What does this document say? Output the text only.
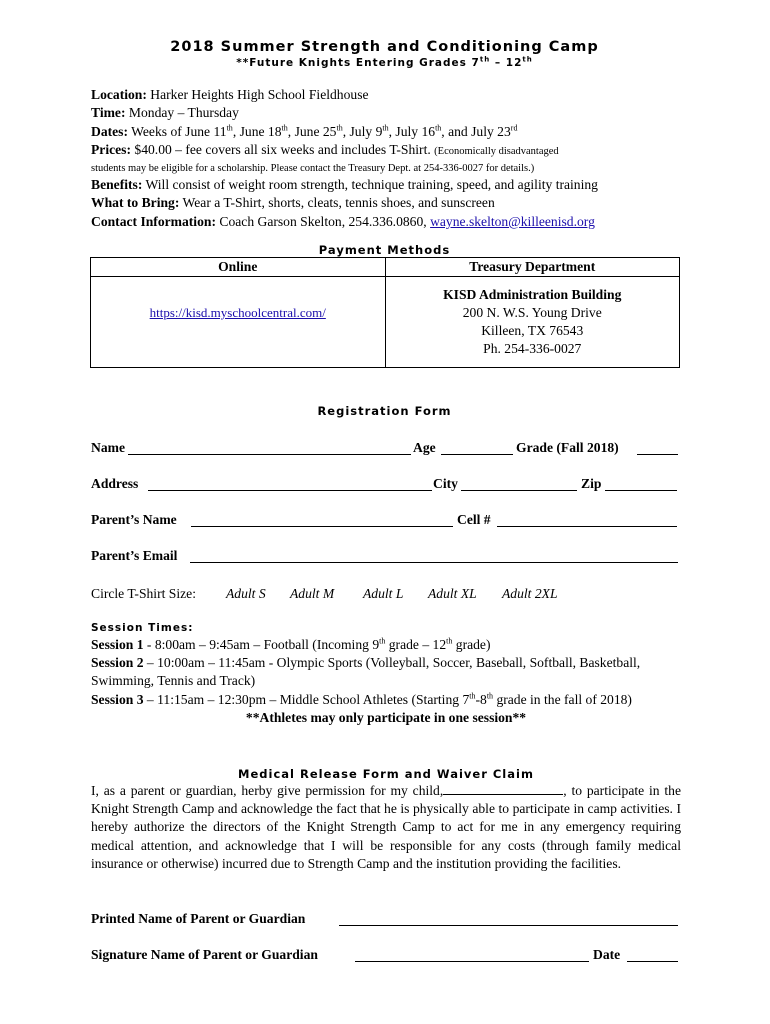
2018 Summer Strength and Conditioning Camp
**Future Knights Entering Grades 7th – 12th

Location: Harker Heights High School Fieldhouse

Time: Monday – Thursday

Dates: Weeks of June 11th, June 18th, June 25th, July 9th, July 16th, and July 23rd

Prices: $40.00 – fee covers all six weeks and includes T-Shirt. (Economically disadvantaged

students may be eligible for a scholarship. Please contact the Treasury Dept. at 254-336-0027 for details.)

Benefits: Will consist of weight room strength, technique training, speed, and agility training

What to Bring: Wear a T-Shirt, shorts, cleats, tennis shoes, and sunscreen

Contact Information: Coach Garson Skelton, 254.336.0860, wayne.skelton@killeenisd.org

Payment Methods
Online	Treasury Department
https://kisd.myschoolcentral.com/	KISD Administration Building
200 N. W.S. Young Drive
Killeen, TX 76543
Ph. 254-336-0027
Registration Form
Name	Age	Grade (Fall 2018)
Address	City	Zip
Parent’s Name	Cell #
Parent’s Email
Circle T-Shirt Size: Adult S Adult M Adult L Adult XL Adult 2XL
Session Times:

Session 1 - 8:00am – 9:45am – Football (Incoming 9th grade – 12th grade)

Session 2 – 10:00am – 11:45am - Olympic Sports (Volleyball, Soccer, Baseball, Softball, Basketball, Swimming, Tennis and Track)

Session 3 – 11:15am – 12:30pm – Middle School Athletes (Starting 7th-8th grade in the fall of 2018)

**Athletes may only participate in one session**

Medical Release Form and Waiver Claim

I, as a parent or guardian, herby give permission for my child,	, to participate in the Knight Strength Camp and acknowledge the fact that he is physically able to participate in camp activities. I hereby authorize the directors of the Knight Strength Camp to act for me in any emergency requiring medical attention, and acknowledge that I will be responsible for any costs (through family medical insurance or otherwise) incurred due to Strength Camp and the institution providing the facilities.

Printed Name of Parent or Guardian
Signature Name of Parent or Guardian	Date
